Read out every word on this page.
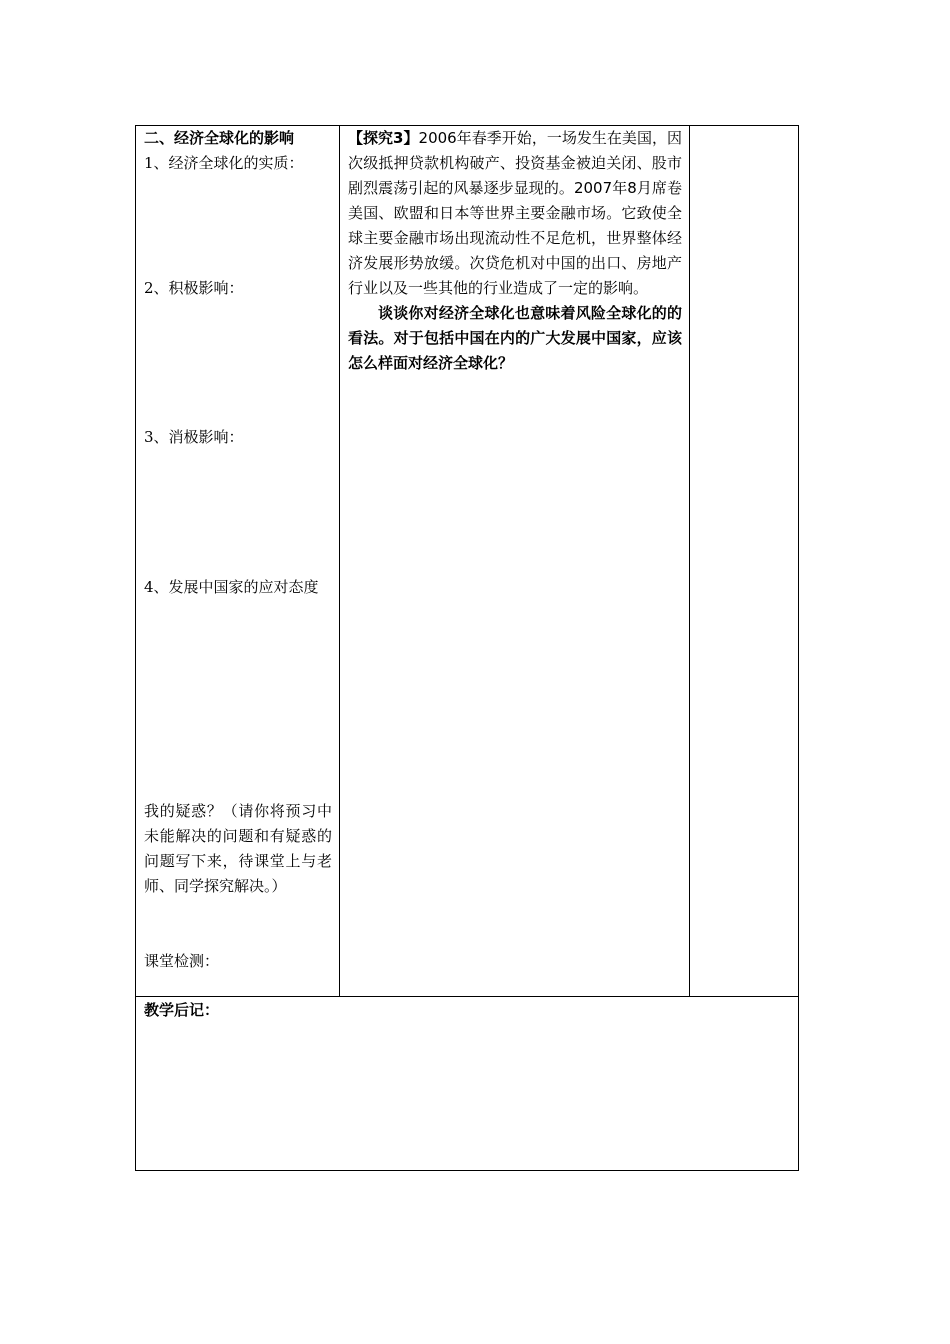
二、经济全球化的影响
1、经济全球化的实质：
2、积极影响：
3、消极影响：
4、发展中国家的应对态度
我的疑惑？（请你将预习中未能解决的问题和有疑惑的问题写下来，待课堂上与老师、同学探究解决。）
课堂检测：

【探究3】2006年春季开始，一场发生在美国，因次级抵押贷款机构破产、投资基金被迫关闭、股市剧烈震荡引起的风暴逐步显现的。2007年8月席卷美国、欧盟和日本等世界主要金融市场。它致使全球主要金融市场出现流动性不足危机，世界整体经济发展形势放缓。次贷危机对中国的出口、房地产行业以及一些其他的行业造成了一定的影响。

谈谈你对经济全球化也意味着风险全球化的的看法。对于包括中国在内的广大发展中国家，应该怎么样面对经济全球化？

教学后记：
